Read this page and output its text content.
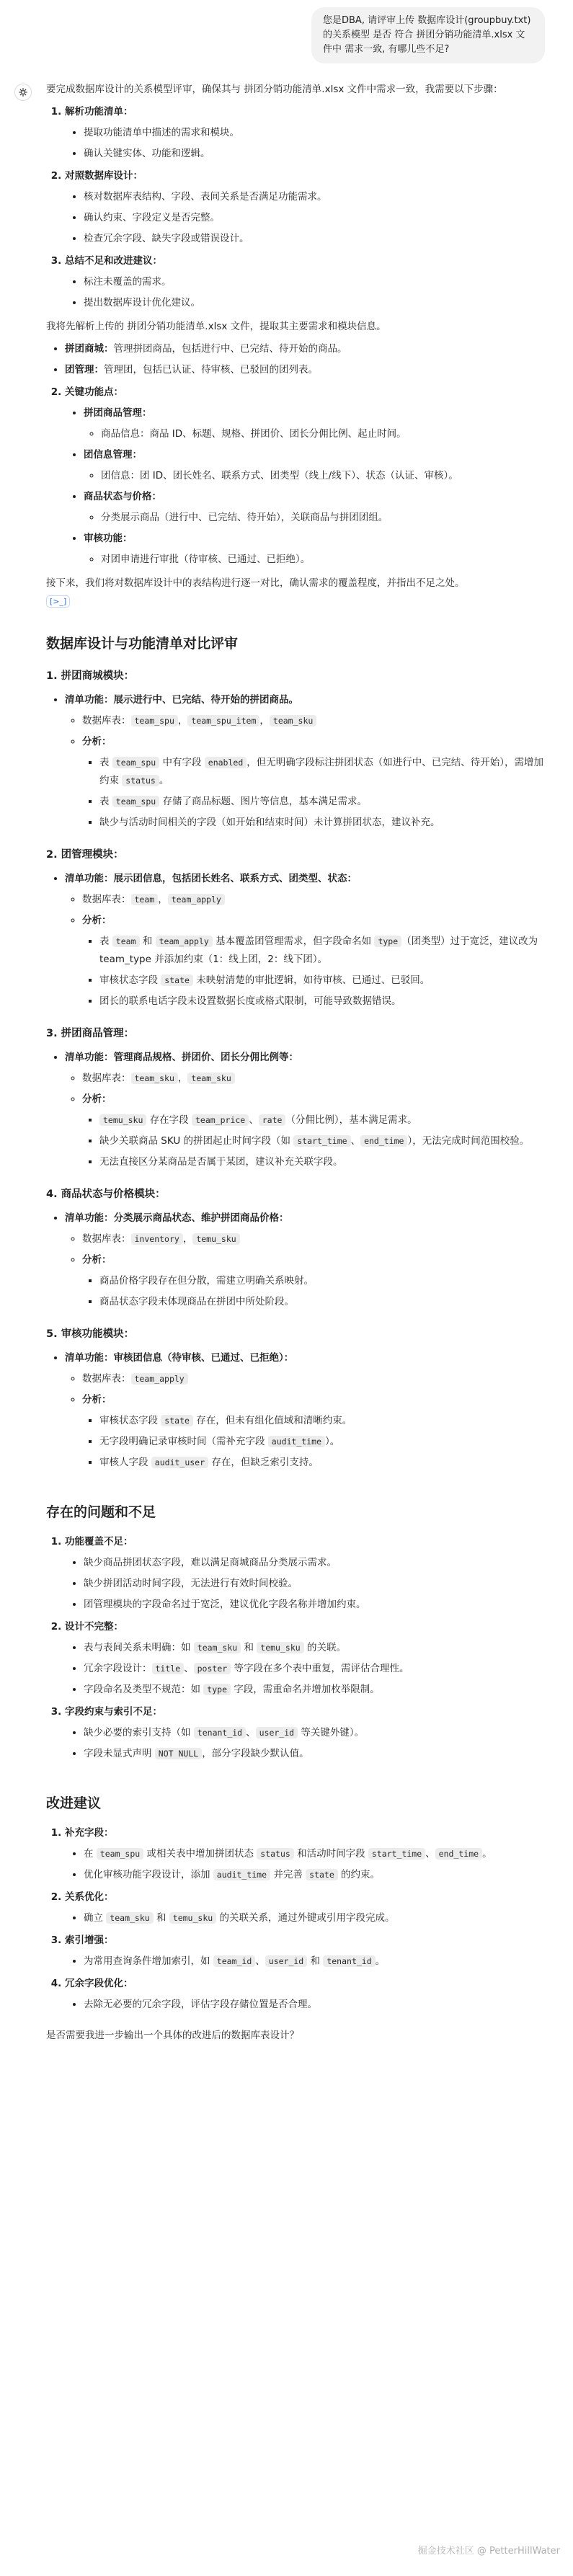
您是DBA, 请评审上传 数据库设计(groupbuy.txt) 的关系模型 是否 符合 拼团分销功能清单.xlsx 文件中 需求一致, 有哪儿些不足?

要完成数据库设计的关系模型评审，确保其与 拼团分销功能清单.xlsx 文件中需求一致，我需要以下步骤：

1. 解析功能清单：
• 提取功能清单中描述的需求和模块。
• 确认关键实体、功能和逻辑。
2. 对照数据库设计：
• 核对数据库表结构、字段、表间关系是否满足功能需求。
• 确认约束、字段定义是否完整。
• 检查冗余字段、缺失字段或错误设计。
3. 总结不足和改进建议：
• 标注未覆盖的需求。
• 提出数据库设计优化建议。

我将先解析上传的 拼团分销功能清单.xlsx 文件，提取其主要需求和模块信息。

• 拼团商城：管理拼团商品，包括进行中、已完结、待开始的商品。
• 团管理：管理团，包括已认证、待审核、已驳回的团列表。
2. 关键功能点：
• 拼团商品管理：
◦ 商品信息：商品 ID、标题、规格、拼团价、团长分佣比例、起止时间。
• 团信息管理：
◦ 团信息：团 ID、团长姓名、联系方式、团类型（线上/线下）、状态（认证、审核）。
• 商品状态与价格：
◦ 分类展示商品（进行中、已完结、待开始），关联商品与拼团团组。
• 审核功能：
◦ 对团申请进行审批（待审核、已通过、已拒绝）。

接下来，我们将对数据库设计中的表结构进行逐一对比，确认需求的覆盖程度，并指出不足之处。
[>_]

数据库设计与功能清单对比评审
1. 拼团商城模块：
• 清单功能：展示进行中、已完结、待开始的拼团商品。
◦ 数据库表： team_spu ， team_spu_item ， team_sku
◦ 分析：
▪ 表 team_spu 中有字段 enabled ，但无明确字段标注拼团状态（如进行中、已完结、待开始），需增加约束 status 。
▪ 表 team_spu 存储了商品标题、图片等信息，基本满足需求。
▪ 缺少与活动时间相关的字段（如开始和结束时间）未计算拼团状态，建议补充。
2. 团管理模块：
• 清单功能：展示团信息，包括团长姓名、联系方式、团类型、状态：
◦ 数据库表： team ， team_apply
◦ 分析：
▪ 表 team 和 team_apply 基本覆盖团管理需求，但字段命名如 type （团类型）过于宽泛，建议改为 team_type 并添加约束（1：线上团，2：线下团）。
▪ 审核状态字段 state 未映射清楚的审批逻辑，如待审核、已通过、已驳回。
▪ 团长的联系电话字段未设置数据长度或格式限制，可能导致数据错误。
3. 拼团商品管理：
• 清单功能：管理商品规格、拼团价、团长分佣比例等：
◦ 数据库表： team_sku ， team_sku
◦ 分析：
▪ temu_sku 存在字段 team_price 、 rate （分佣比例），基本满足需求。
▪ 缺少关联商品 SKU 的拼团起止时间字段（如 start_time 、 end_time ），无法完成时间范围校验。
▪ 无法直接区分某商品是否属于某团，建议补充关联字段。
4. 商品状态与价格模块：
• 清单功能：分类展示商品状态、维护拼团商品价格：
◦ 数据库表： inventory ， temu_sku
◦ 分析：
▪ 商品价格字段存在但分散，需建立明确关系映射。
▪ 商品状态字段未体现商品在拼团中所处阶段。
5. 审核功能模块：
• 清单功能：审核团信息（待审核、已通过、已拒绝）：
◦ 数据库表： team_apply
◦ 分析：
▪ 审核状态字段 state 存在，但未有组化值域和清晰约束。
▪ 无字段明确记录审核时间（需补充字段 audit_time ）。
▪ 审核人字段 audit_user 存在，但缺乏索引支持。
存在的问题和不足
1. 功能覆盖不足：
• 缺少商品拼团状态字段，难以满足商城商品分类展示需求。
• 缺少拼团活动时间字段，无法进行有效时间校验。
• 团管理模块的字段命名过于宽泛，建议优化字段名称并增加约束。
2. 设计不完整：
• 表与表间关系未明确：如 team_sku 和 temu_sku 的关联。
• 冗余字段设计： title 、 poster 等字段在多个表中重复，需评估合理性。
• 字段命名及类型不规范：如 type 字段，需重命名并增加枚举限制。
3. 字段约束与索引不足：
• 缺少必要的索引支持（如 tenant_id 、 user_id 等关键外键）。
• 字段未显式声明 NOT NULL ，部分字段缺少默认值。
改进建议
1. 补充字段：
• 在 team_spu 或相关表中增加拼团状态 status 和活动时间字段 start_time 、 end_time 。
• 优化审核功能字段设计，添加 audit_time 并完善 state 的约束。
2. 关系优化：
• 确立 team_sku 和 temu_sku 的关联关系，通过外键或引用字段完成。
3. 索引增强：
• 为常用查询条件增加索引，如 team_id 、 user_id 和 tenant_id 。
4. 冗余字段优化：
• 去除无必要的冗余字段，评估字段存储位置是否合理。

是否需要我进一步输出一个具体的改进后的数据库表设计？

掘金技术社区 @ PetterHillWater
